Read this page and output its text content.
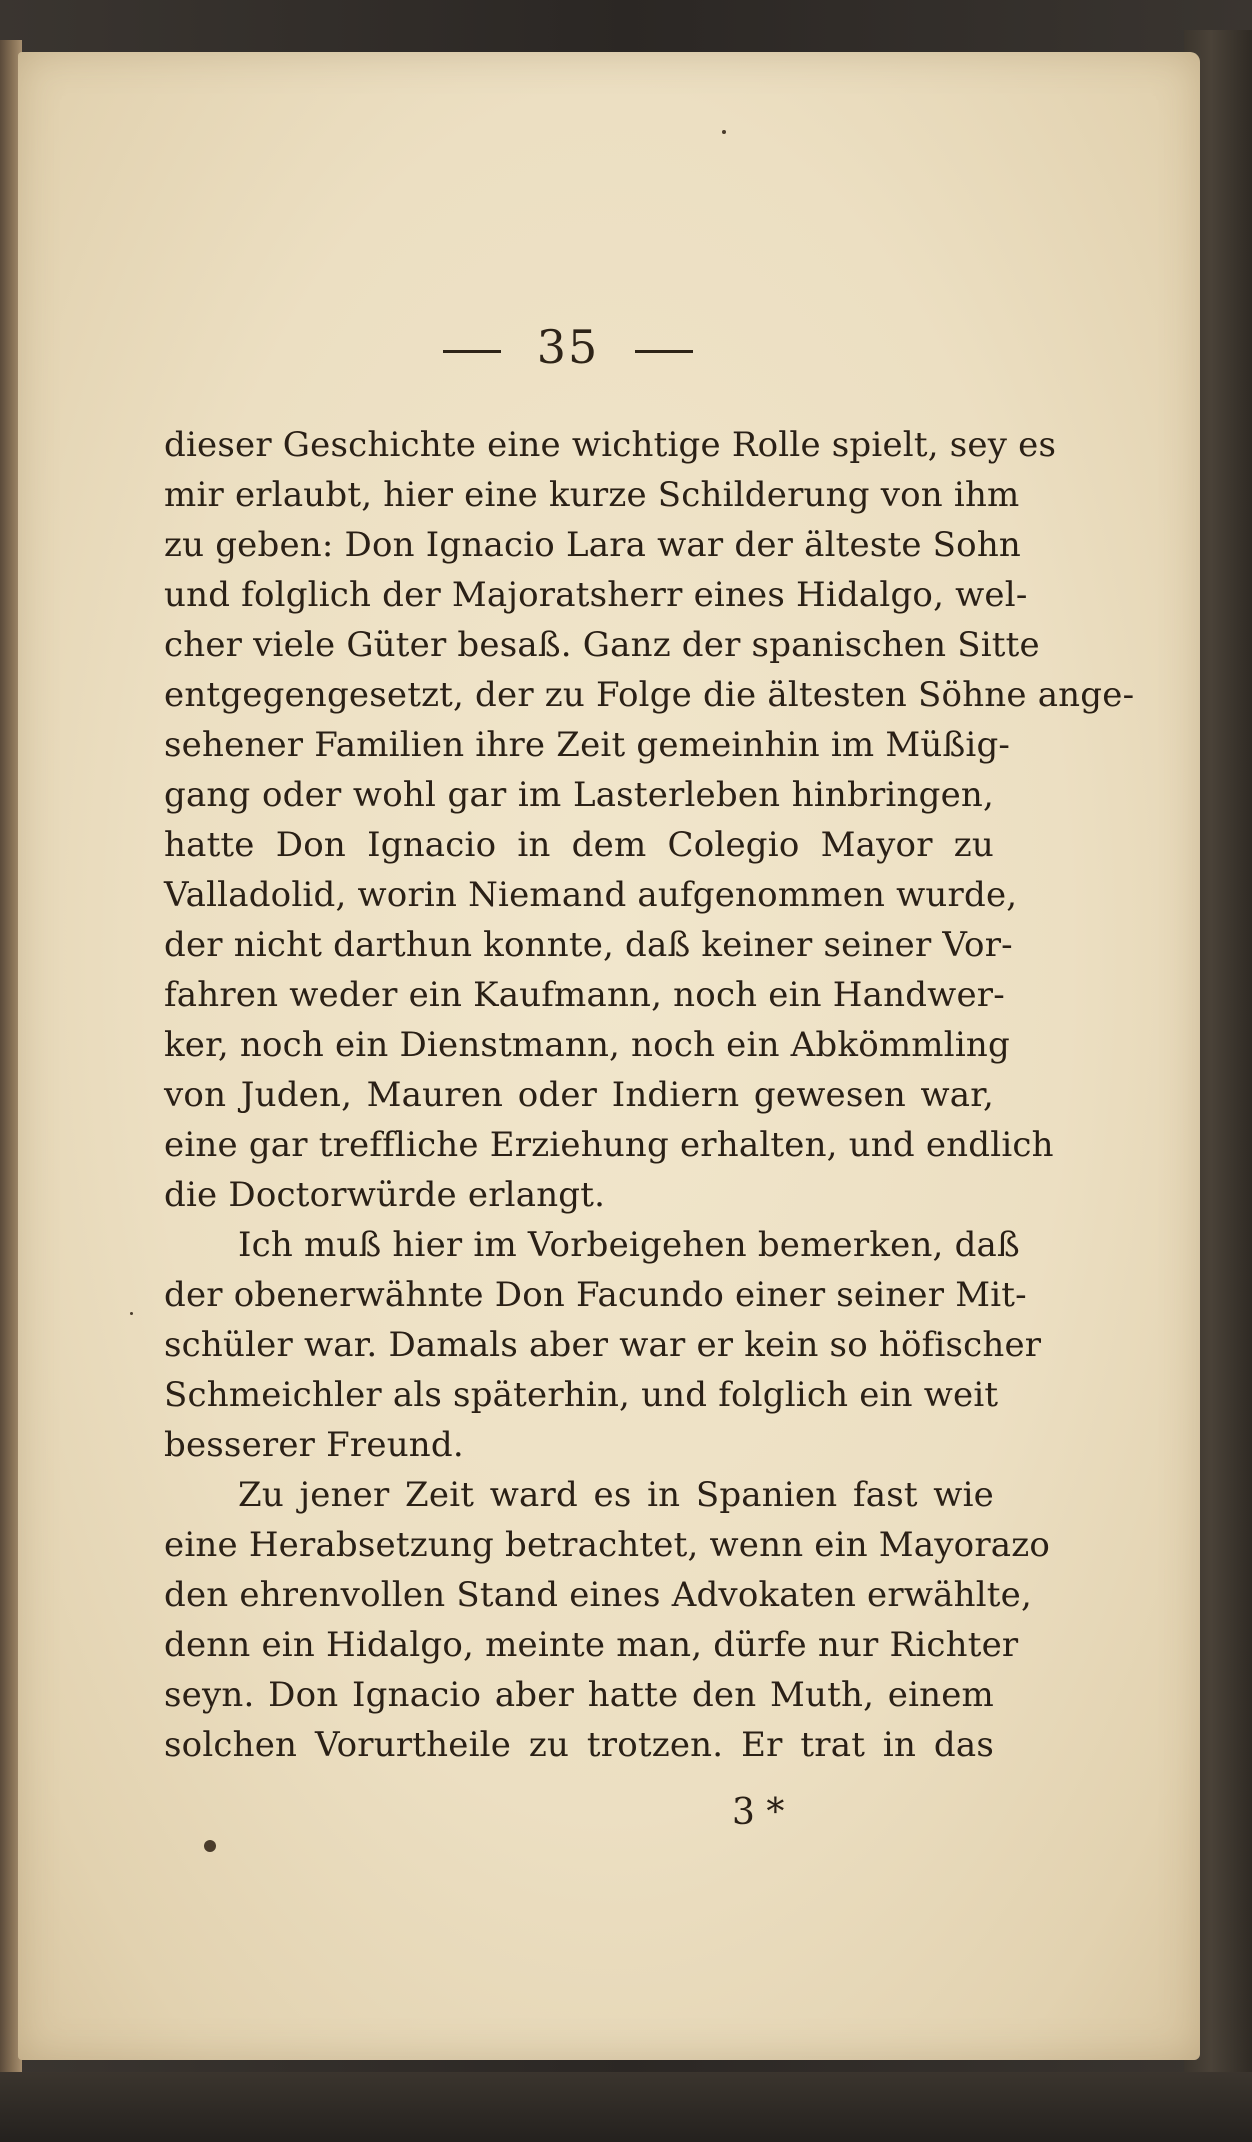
35
dieser Geschichte eine wichtige Rolle spielt, sey es
mir erlaubt, hier eine kurze Schilderung von ihm
zu geben: Don Ignacio Lara war der älteste Sohn
und folglich der Majoratsherr eines Hidalgo, wel-
cher viele Güter besaß. Ganz der spanischen Sitte
entgegengesetzt, der zu Folge die ältesten Söhne ange-
sehener Familien ihre Zeit gemeinhin im Müßig-
gang oder wohl gar im Lasterleben hinbringen,
hatte Don Ignacio in dem Colegio Mayor zu
Valladolid, worin Niemand aufgenommen wurde,
der nicht darthun konnte, daß keiner seiner Vor-
fahren weder ein Kaufmann, noch ein Handwer-
ker, noch ein Dienstmann, noch ein Abkömmling
von Juden, Mauren oder Indiern gewesen war,
eine gar treffliche Erziehung erhalten, und endlich
die Doctorwürde erlangt.
Ich muß hier im Vorbeigehen bemerken, daß
der obenerwähnte Don Facundo einer seiner Mit-
schüler war. Damals aber war er kein so höfischer
Schmeichler als späterhin, und folglich ein weit
besserer Freund.
Zu jener Zeit ward es in Spanien fast wie
eine Herabsetzung betrachtet, wenn ein Mayorazo
den ehrenvollen Stand eines Advokaten erwählte,
denn ein Hidalgo, meinte man, dürfe nur Richter
seyn. Don Ignacio aber hatte den Muth, einem
solchen Vorurtheile zu trotzen. Er trat in das
3 *
